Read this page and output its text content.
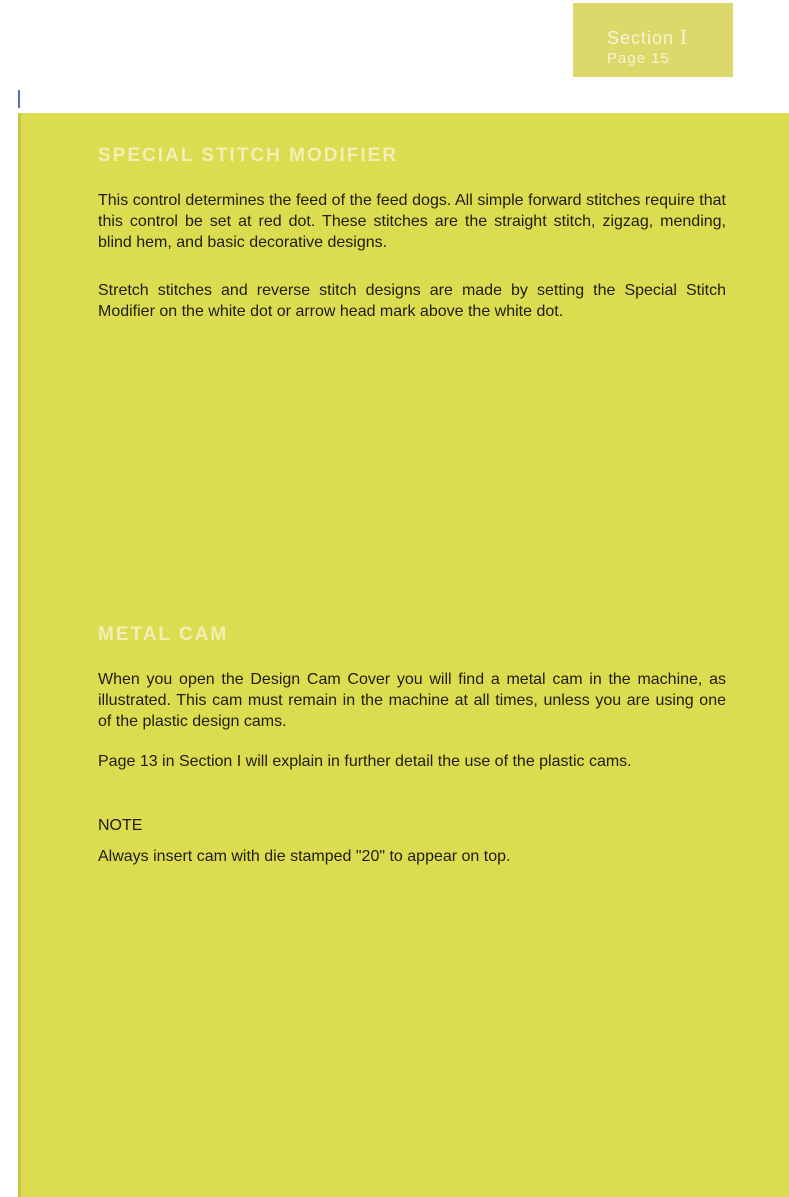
Section I
Page 15
SPECIAL STITCH MODIFIER

This control determines the feed of the feed dogs. All simple forward stitches require that this control be set at red dot. These stitches are the straight stitch, zigzag, mending, blind hem, and basic decorative designs.

Stretch stitches and reverse stitch designs are made by setting the Special Stitch Modifier on the white dot or arrow head mark above the white dot.

METAL CAM

When you open the Design Cam Cover you will find a metal cam in the machine, as illustrated. This cam must remain in the machine at all times, unless you are using one of the plastic design cams.

Page 13 in Section I will explain in further detail the use of the plastic cams.

NOTE

Always insert cam with die stamped "20" to appear on top.
